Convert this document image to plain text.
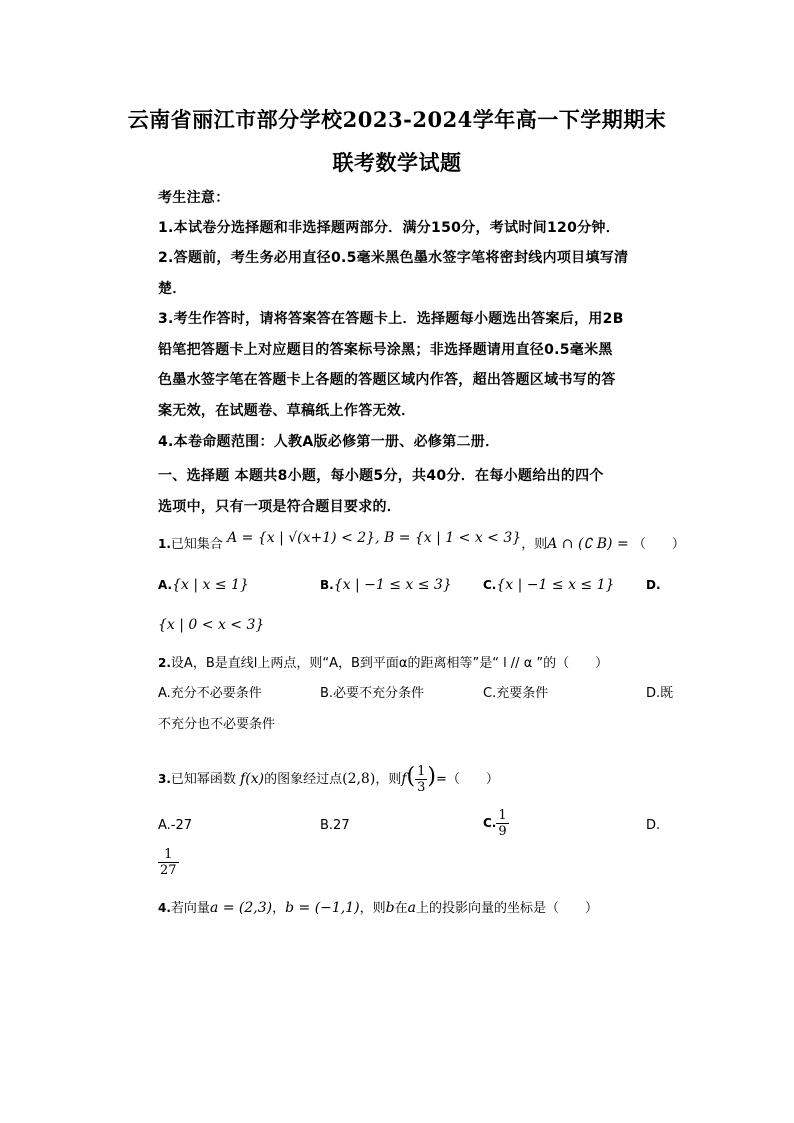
云南省丽江市部分学校2023-2024学年高一下学期期末
联考数学试题
考生注意：
1.本试卷分选择题和非选择题两部分．满分150分，考试时间120分钟．
2.答题前，考生务必用直径0.5毫米黑色墨水签字笔将密封线内项目填写清
楚．
3.考生作答时，请将答案答在答题卡上．选择题每小题选出答案后，用2B
铅笔把答题卡上对应题目的答案标号涂黑；非选择题请用直径0.5毫米黑
色墨水签字笔在答题卡上各题的答题区域内作答，超出答题区域书写的答
案无效，在试题卷、草稿纸上作答无效．
4.本卷命题范围：人教A版必修第一册、必修第二册．
一、选择题 本题共8小题，每小题5分，共40分．在每小题给出的四个
选项中，只有一项是符合题目要求的．
1.已知集合 A = {x | √(x+1) < 2}, B = {x | 1 < x < 3}，则A ∩ (∁ B) = （　　）
A.{x | x ≤ 1}	B.{x | −1 ≤ x ≤ 3}	C.{x | −1 ≤ x ≤ 1}	D.
{x | 0 < x < 3}
2.设A，B是直线l上两点，则“A，B到平面α的距离相等”是“ l // α ”的（　　）
A.充分不必要条件	B.必要不充分条件	C.充要条件	D.既
不充分也不必要条件
3.已知幂函数 f(x)的图象经过点(2,8)，则$f( \frac{1}{3}$ )=（　　）
A.-27	B.27	C. $\frac{1}{9}$	D.
$\frac{1}{27}$
4.若向量a = (2,3)，b = (−1,1)，则b在a上的投影向量的坐标是（　　）
